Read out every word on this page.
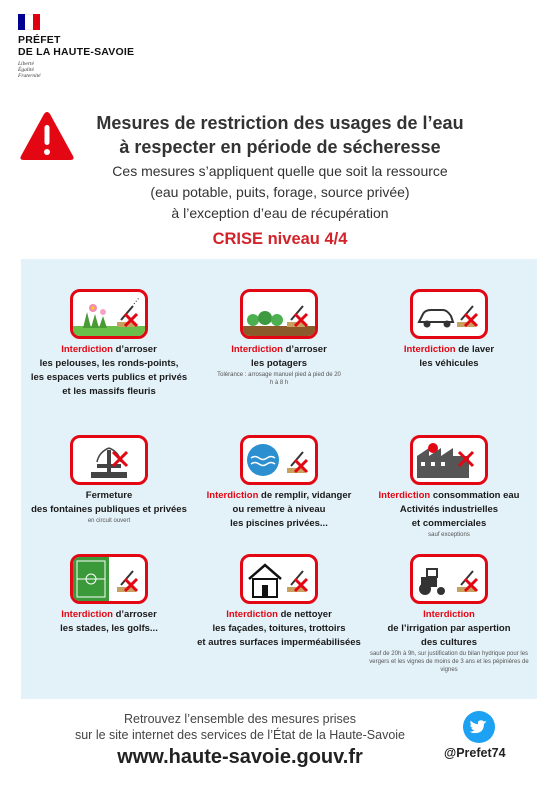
PRÉFET
DE LA HAUTE-SAVOIE
Liberté
Égalité
Fraternité
Mesures de restriction des usages de l’eau
à respecter en période de sécheresse
Ces mesures s’appliquent quelle que soit la ressource
(eau potable, puits, forage, source privée)
à l’exception d’eau de récupération
CRISE niveau 4/4
Interdiction d’arroser
les pelouses, les ronds-points,
les espaces verts publics et privés
et les massifs fleuris
Interdiction d’arroser
les potagers
Tolérance : arrosage manuel pied à pied de 20 h à 8 h
Interdiction de laver
les véhicules
Fermeture
des fontaines publiques et privées
en circuit ouvert
Interdiction de remplir, vidanger
ou remettre à niveau
les piscines privées...
Interdiction consommation eau
Activités industrielles
et commerciales
sauf exceptions
Interdiction d’arroser
les stades, les golfs...
Interdiction de nettoyer
les façades, toitures, trottoirs
et autres surfaces imperméabilisées
Interdiction
de l’irrigation par aspertion
des cultures
sauf de 20h à 9h, sur justification du bilan hydrique pour les vergers et les vignes de moins de 3 ans et les pépinières de vignes
Retrouvez l’ensemble des mesures prises
sur le site internet des services de l’État de la Haute-Savoie
www.haute-savoie.gouv.fr	@Prefet74
